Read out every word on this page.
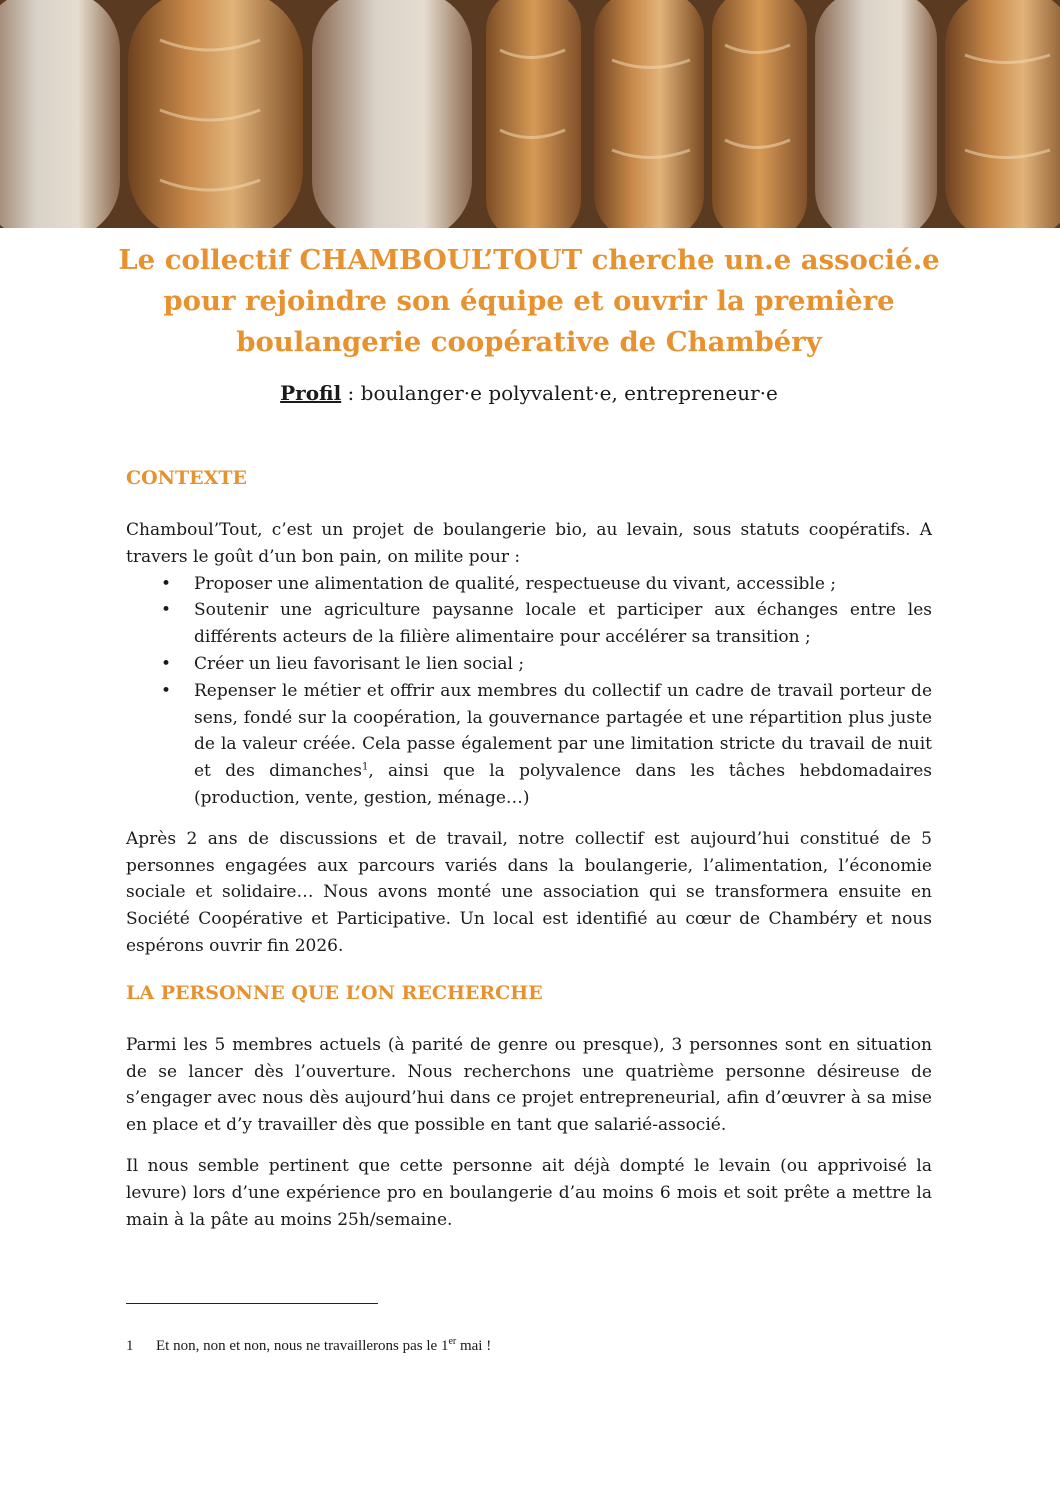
Le collectif CHAMBOUL’TOUT cherche un.e associé.e
pour rejoindre son équipe et ouvrir la première
boulangerie coopérative de Chambéry
Profil : boulanger·e polyvalent·e, entrepreneur·e
CONTEXTE

Chamboul’Tout, c’est un projet de boulangerie bio, au levain, sous statuts coopératifs. A travers le goût d’un bon pain, on milite pour :

• Proposer une alimentation de qualité, respectueuse du vivant, accessible ;
• Soutenir une agriculture paysanne locale et participer aux échanges entre les différents acteurs de la filière alimentaire pour accélérer sa transition ;
• Créer un lieu favorisant le lien social ;
• Repenser le métier et offrir aux membres du collectif un cadre de travail porteur de sens, fondé sur la coopération, la gouvernance partagée et une répartition plus juste de la valeur créée. Cela passe également par une limitation stricte du travail de nuit et des dimanches$^1$, ainsi que la polyvalence dans les tâches hebdomadaires (production, vente, gestion, ménage…)

Après 2 ans de discussions et de travail, notre collectif est aujourd’hui constitué de 5 personnes engagées aux parcours variés dans la boulangerie, l’alimentation, l’économie sociale et solidaire… Nous avons monté une association qui se transformera ensuite en Société Coopérative et Participative. Un local est identifié au cœur de Chambéry et nous espérons ouvrir fin 2026.

LA PERSONNE QUE L’ON RECHERCHE

Parmi les 5 membres actuels (à parité de genre ou presque), 3 personnes sont en situation de se lancer dès l’ouverture. Nous recherchons une quatrième personne désireuse de s’engager avec nous dès aujourd’hui dans ce projet entrepreneurial, afin d’œuvrer à sa mise en place et d’y travailler dès que possible en tant que salarié-associé.

Il nous semble pertinent que cette personne ait déjà dompté le levain (ou apprivoisé la levure) lors d’une expérience pro en boulangerie d’au moins 6 mois et soit prête a mettre la main à la pâte au moins 25h/semaine.

1 Et non, non et non, nous ne travaillerons pas le 1er mai !
